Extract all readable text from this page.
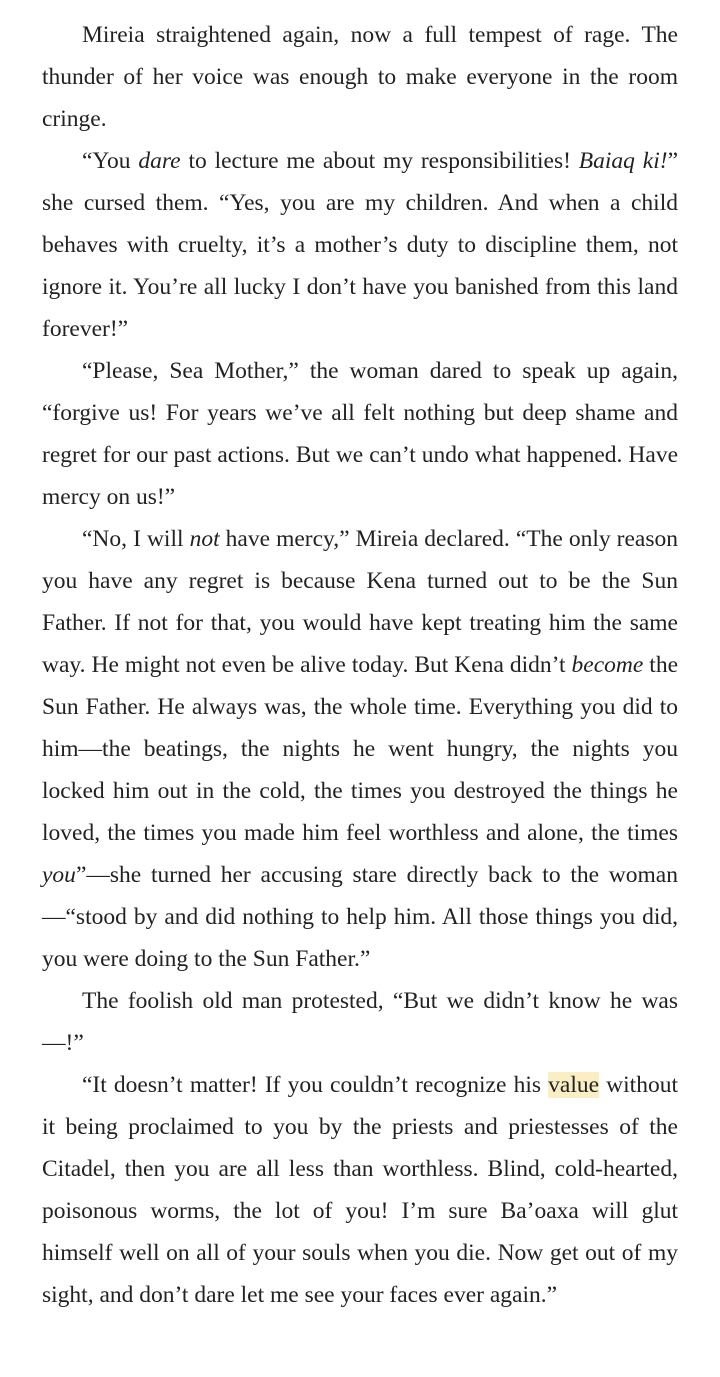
Mireia straightened again, now a full tempest of rage. The thunder of her voice was enough to make everyone in the room cringe.

“You dare to lecture me about my responsibilities! Baiaq ki!” she cursed them. “Yes, you are my children. And when a child behaves with cruelty, it’s a mother’s duty to discipline them, not ignore it. You’re all lucky I don’t have you banished from this land forever!”

“Please, Sea Mother,” the woman dared to speak up again, “forgive us! For years we’ve all felt nothing but deep shame and regret for our past actions. But we can’t undo what happened. Have mercy on us!”

“No, I will not have mercy,” Mireia declared. “The only reason you have any regret is because Kena turned out to be the Sun Father. If not for that, you would have kept treating him the same way. He might not even be alive today. But Kena didn’t become the Sun Father. He always was, the whole time. Everything you did to him—the beatings, the nights he went hungry, the nights you locked him out in the cold, the times you destroyed the things he loved, the times you made him feel worthless and alone, the times you”—she turned her accusing stare directly back to the woman—“stood by and did nothing to help him. All those things you did, you were doing to the Sun Father.”

The foolish old man protested, “But we didn’t know he was—!”

“It doesn’t matter! If you couldn’t recognize his value without it being proclaimed to you by the priests and priestesses of the Citadel, then you are all less than worthless. Blind, cold-hearted, poisonous worms, the lot of you! I’m sure Ba’oaxa will glut himself well on all of your souls when you die. Now get out of my sight, and don’t dare let me see your faces ever again.”
